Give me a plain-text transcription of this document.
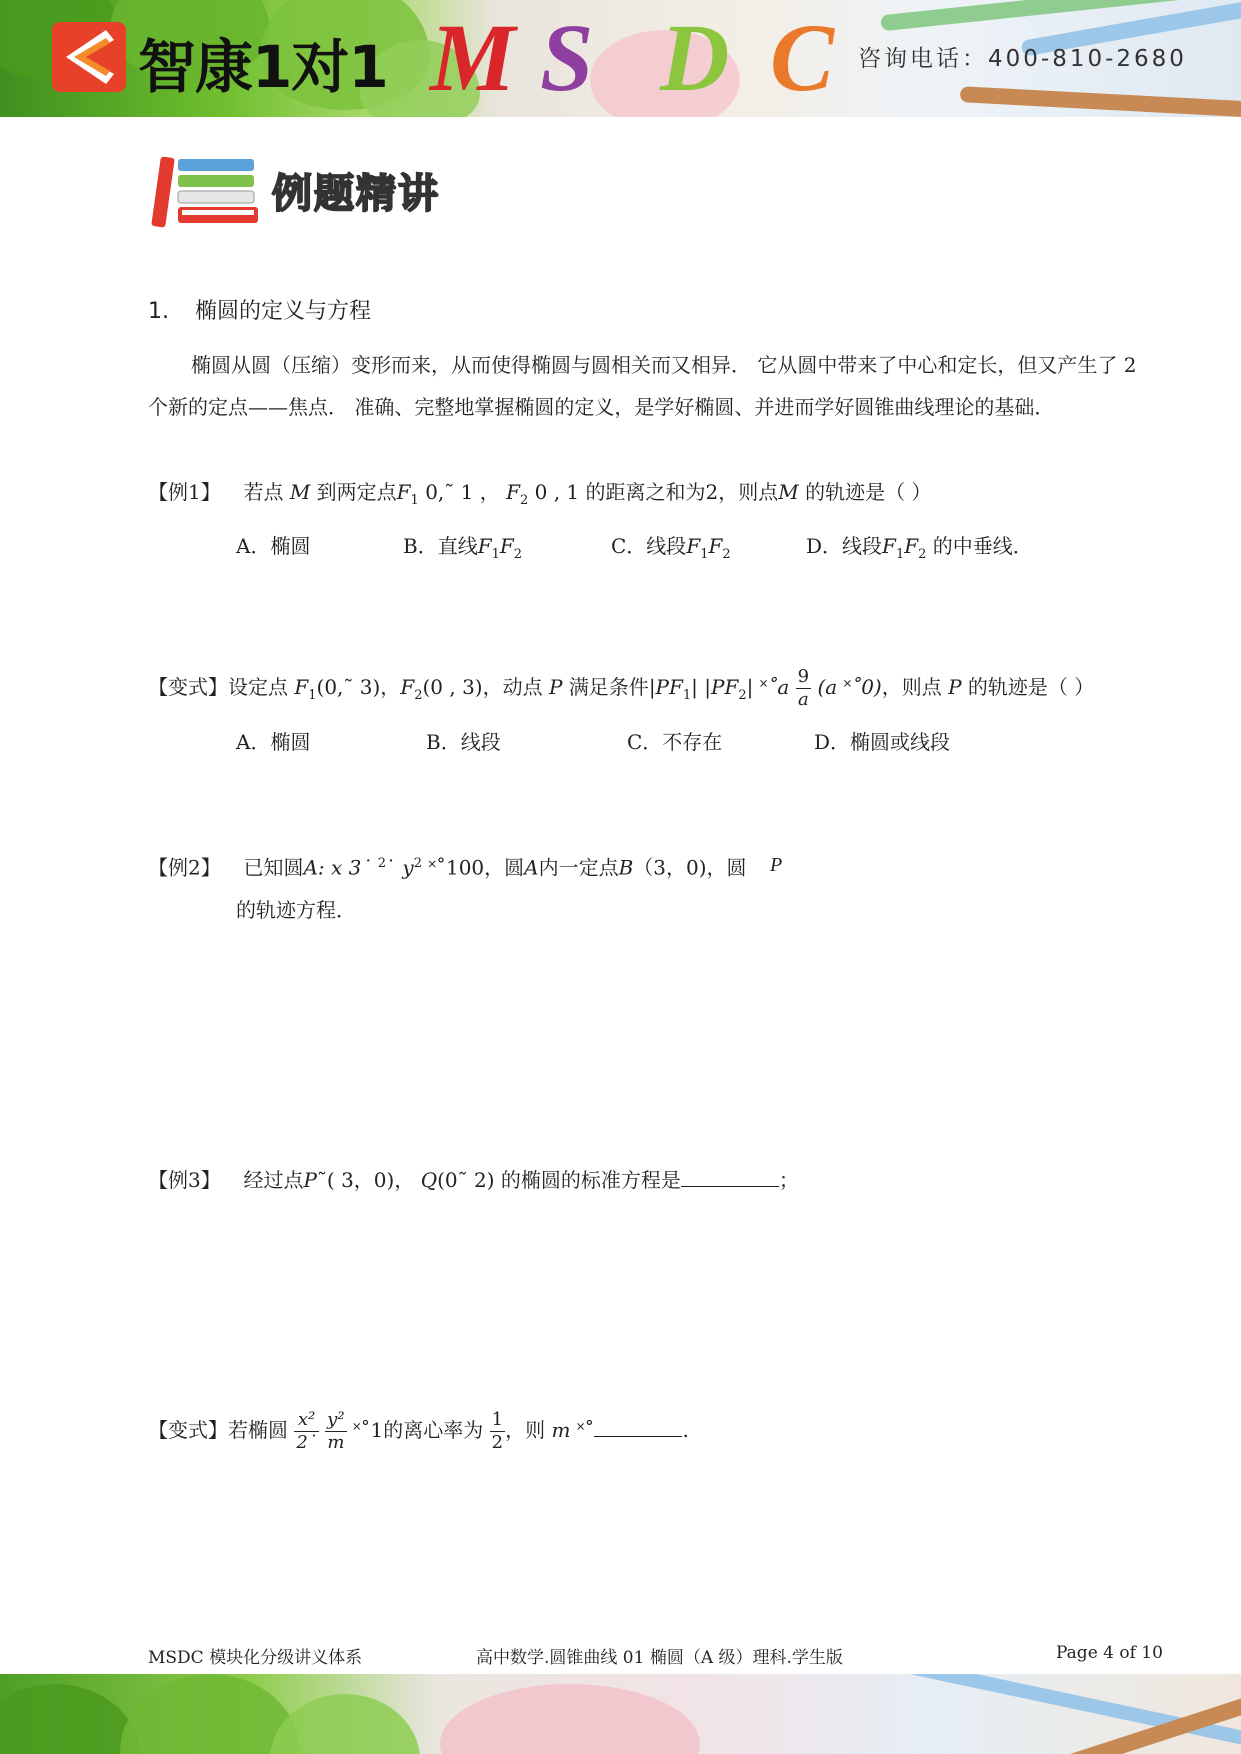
智康1对1 M S D C 咨询电话：400-810-2680
例题精讲
1. 椭圆的定义与方程
椭圆从圆（压缩）变形而来，从而使得椭圆与圆相关而又相异． 它从圆中带来了中心和定长，但又产生了 2 个新的定点——焦点． 准确、完整地掌握椭圆的定义，是学好椭圆、并进而学好圆锥曲线理论的基础．
【例1】 若点 M 到两定点$F_1$ 0,˜ 1 ， $F_2$ 0 , 1 的距离之和为2，则点M 的轨迹是（ ）
A．椭圆	B．直线$F_1F_2$	C．线段$F_1F_2$	D．线段$F_1F_2$ 的中垂线．
【变式】设定点 $F_1(0,˜$ 3)，$F_2(0$ , 3)，动点 P 满足条件$|PF_1|$ $|PF_2|$ ˟˚a $\frac{9}{a} (a$ ˟˚0)，则点 P 的轨迹是（ ）
A．椭圆	B．线段	C．不存在	D．椭圆或线段
【例2】 已知圆A: x 3˙ $^2$˙ $y^2$ ˟˚100，圆A内一定点B（3，0)，圆 P
的轨迹方程．
【例3】 经过点P˜( 3，0)， Q(0˜ 2) 的椭圆的标准方程是	；
【变式】若椭圆 $\frac{\text{x²}}{2˙}$
$\frac{\text{y²}}{m}$ ˟˚1的离心率为 $\frac{1}{2}$ ，则 m ˟˚	.
MSDC 模块化分级讲义体系	高中数学.圆锥曲线 01 椭圆（A 级）理科.学生版	Page 4 of 10
